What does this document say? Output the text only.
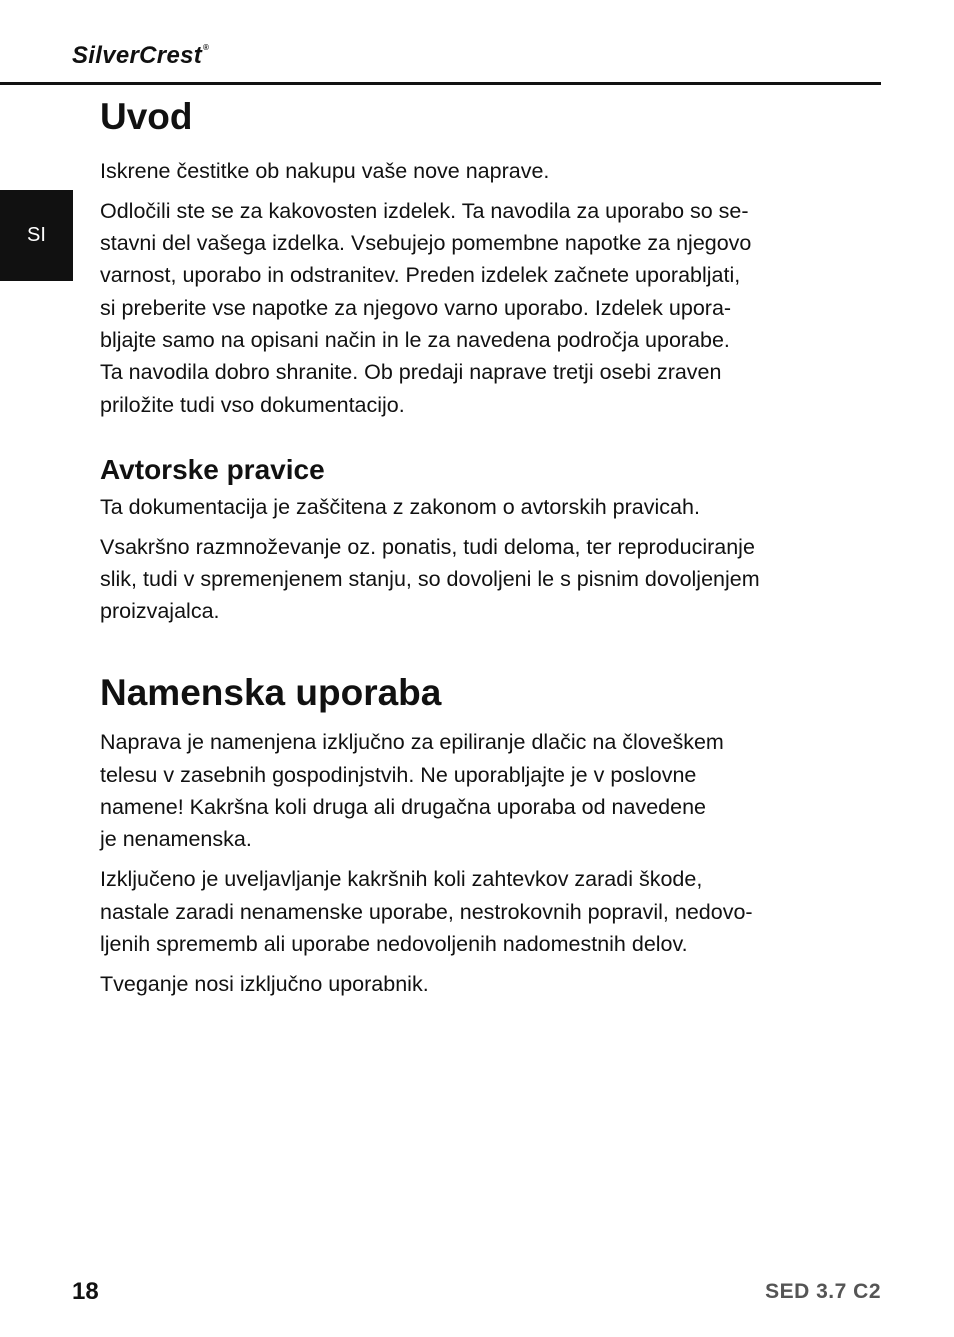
SilverCrest®
SI
Uvod

Iskrene čestitke ob nakupu vaše nove naprave.

Odločili ste se za kakovosten izdelek. Ta navodila za uporabo so se-
stavni del vašega izdelka. Vsebujejo pomembne napotke za njegovo
varnost, uporabo in odstranitev. Preden izdelek začnete uporabljati,
si preberite vse napotke za njegovo varno uporabo. Izdelek upora-
bljajte samo na opisani način in le za navedena področja uporabe.
Ta navodila dobro shranite. Ob predaji naprave tretji osebi zraven
priložite tudi vso dokumentacijo.

Avtorske pravice

Ta dokumentacija je zaščitena z zakonom o avtorskih pravicah.

Vsakršno razmnoževanje oz. ponatis, tudi deloma, ter reproduciranje
slik, tudi v spremenjenem stanju, so dovoljeni le s pisnim dovoljenjem
proizvajalca.

Namenska uporaba

Naprava je namenjena izključno za epiliranje dlačic na človeškem
telesu v zasebnih gospodinjstvih. Ne uporabljajte je v poslovne
namene! Kakršna koli druga ali drugačna uporaba od navedene
je nenamenska.

Izključeno je uveljavljanje kakršnih koli zahtevkov zaradi škode,
nastale zaradi nenamenske uporabe, nestrokovnih popravil, nedovo-
ljenih sprememb ali uporabe nedovoljenih nadomestnih delov.

Tveganje nosi izključno uporabnik.

18	SED 3.7 C2
